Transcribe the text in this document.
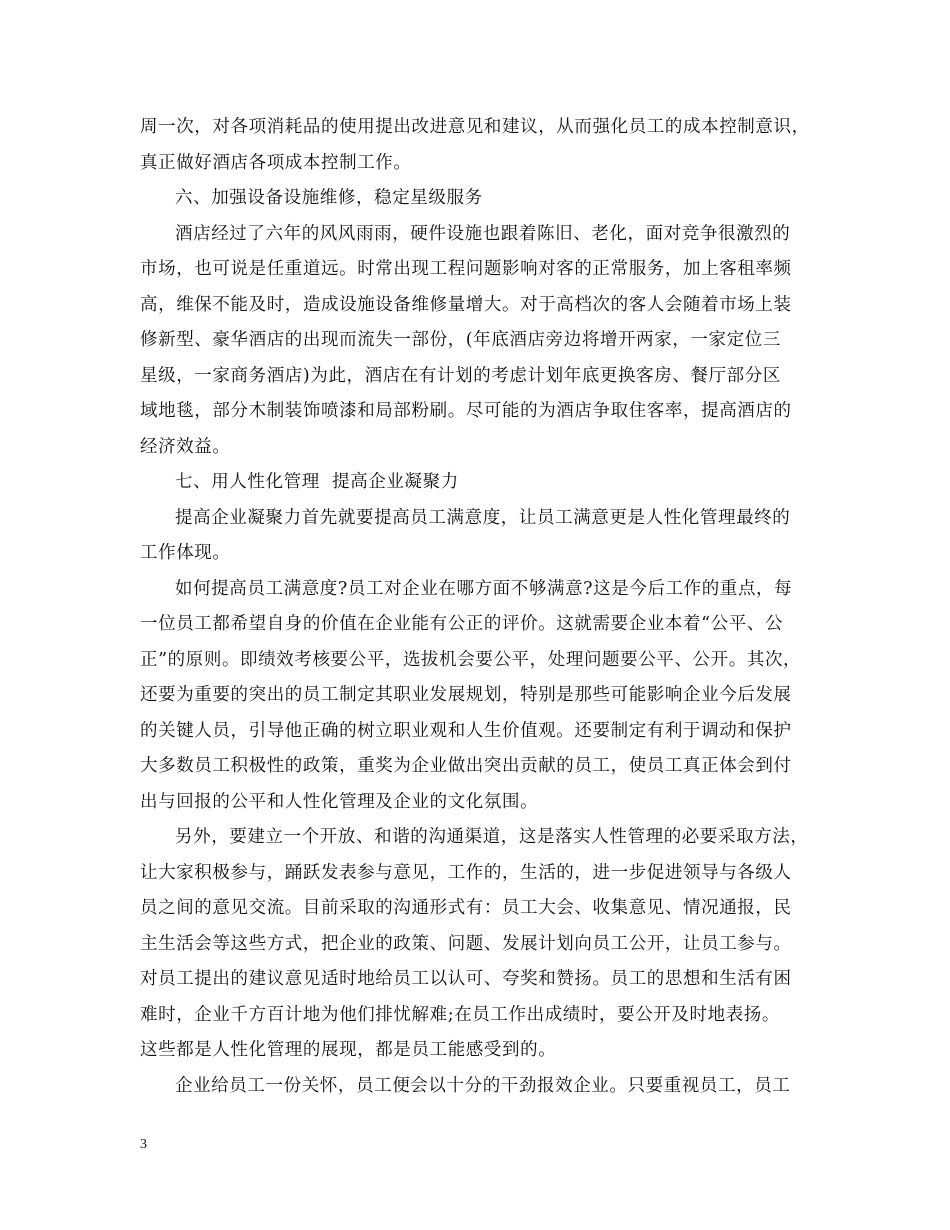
周一次，对各项消耗品的使用提出改进意见和建议，从而强化员工的成本控制意识，
真正做好酒店各项成本控制工作。
六、加强设备设施维修，稳定星级服务
酒店经过了六年的风风雨雨，硬件设施也跟着陈旧、老化，面对竞争很激烈的
市场，也可说是任重道远。时常出现工程问题影响对客的正常服务，加上客租率频
高，维保不能及时，造成设施设备维修量增大。对于高档次的客人会随着市场上装
修新型、豪华酒店的出现而流失一部份，(年底酒店旁边将增开两家，一家定位三
星级，一家商务酒店)为此，酒店在有计划的考虑计划年底更换客房、餐厅部分区
域地毯，部分木制装饰喷漆和局部粉刷。尽可能的为酒店争取住客率，提高酒店的
经济效益。
七、用人性化管理  提高企业凝聚力
提高企业凝聚力首先就要提高员工满意度，让员工满意更是人性化管理最终的
工作体现。
如何提高员工满意度?员工对企业在哪方面不够满意?这是今后工作的重点，每
一位员工都希望自身的价值在企业能有公正的评价。这就需要企业本着“公平、公
正”的原则。即绩效考核要公平，选拔机会要公平，处理问题要公平、公开。其次，
还要为重要的突出的员工制定其职业发展规划，特别是那些可能影响企业今后发展
的关键人员，引导他正确的树立职业观和人生价值观。还要制定有利于调动和保护
大多数员工积极性的政策，重奖为企业做出突出贡献的员工，使员工真正体会到付
出与回报的公平和人性化管理及企业的文化氛围。
另外，要建立一个开放、和谐的沟通渠道，这是落实人性管理的必要采取方法，
让大家积极参与，踊跃发表参与意见，工作的，生活的，进一步促进领导与各级人
员之间的意见交流。目前采取的沟通形式有：员工大会、收集意见、情况通报，民
主生活会等这些方式，把企业的政策、问题、发展计划向员工公开，让员工参与。
对员工提出的建议意见适时地给员工以认可、夸奖和赞扬。员工的思想和生活有困
难时，企业千方百计地为他们排忧解难;在员工作出成绩时，要公开及时地表扬。
这些都是人性化管理的展现，都是员工能感受到的。
企业给员工一份关怀，员工便会以十分的干劲报效企业。只要重视员工，员工
3
